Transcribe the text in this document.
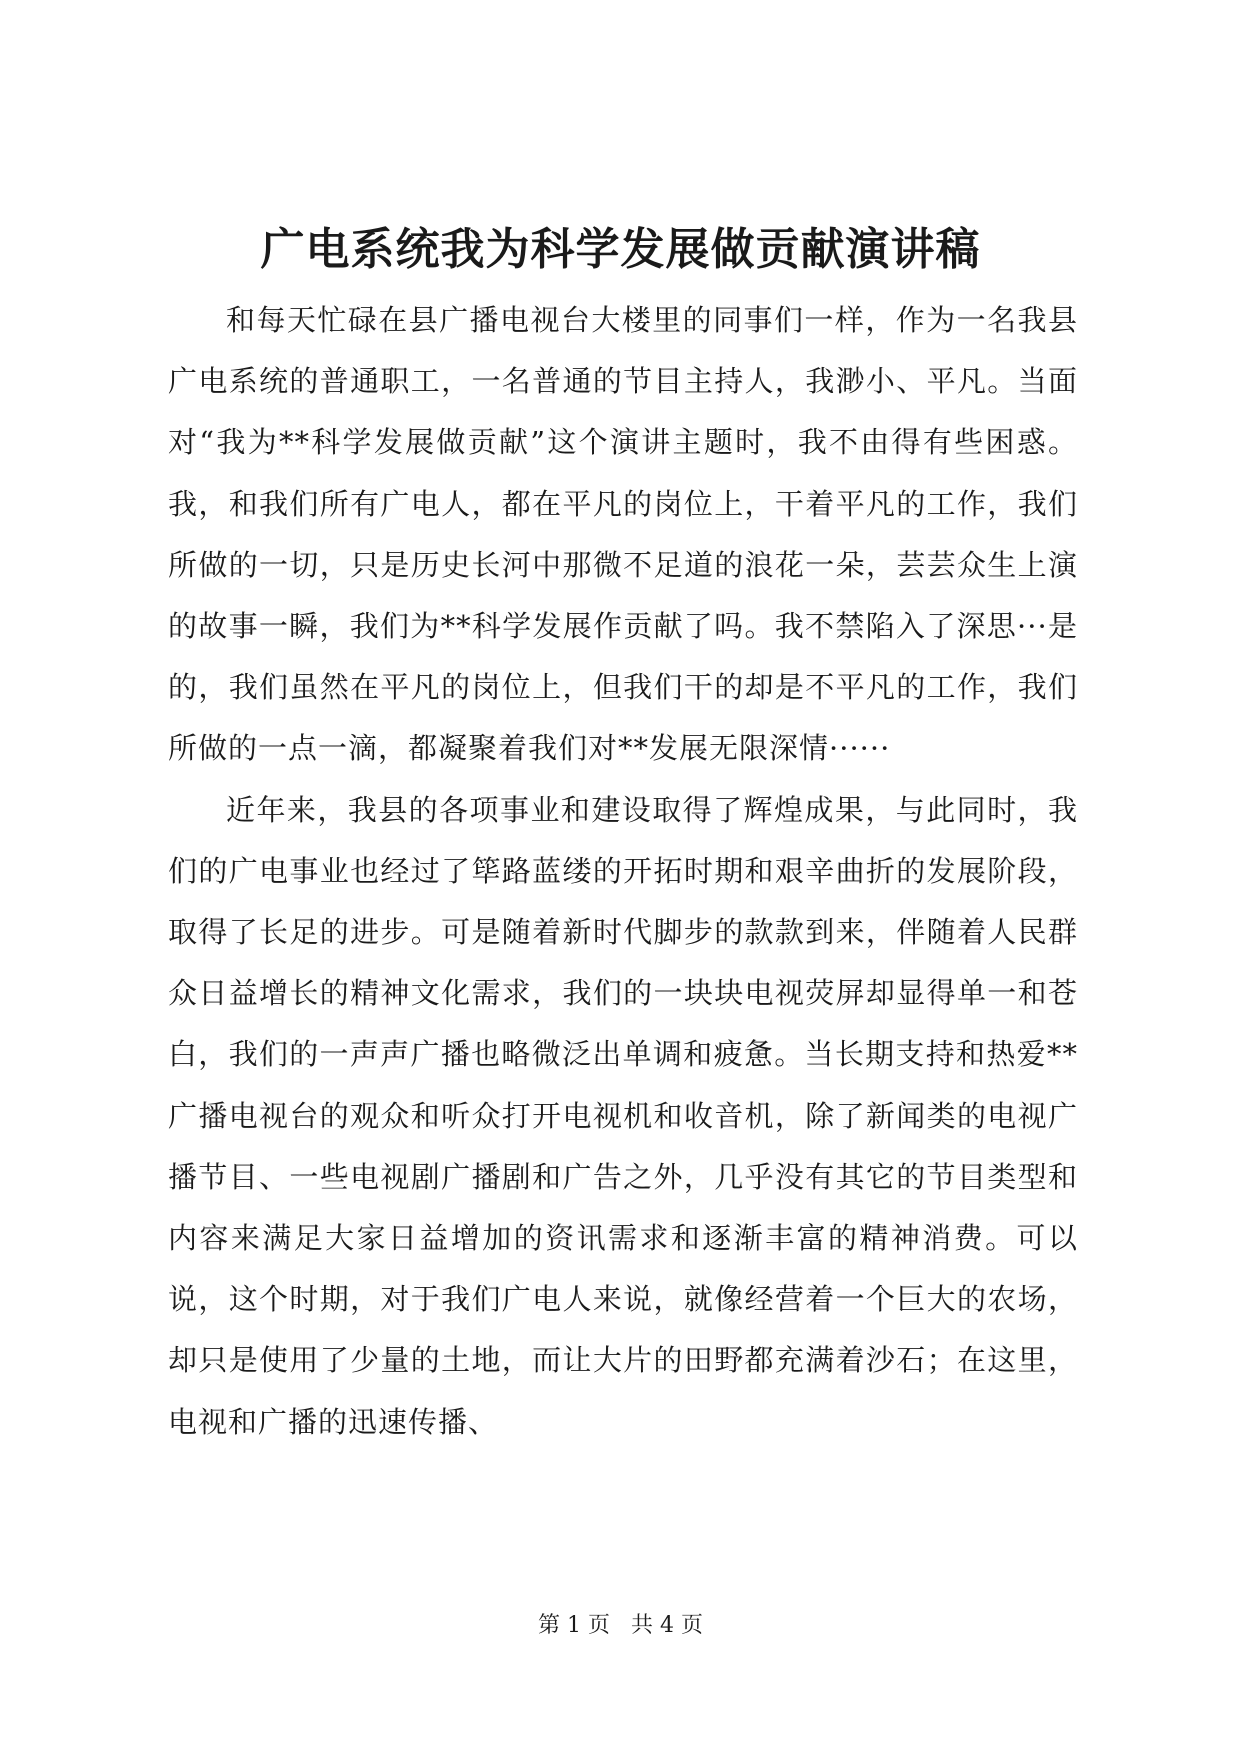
广电系统我为科学发展做贡献演讲稿

和每天忙碌在县广播电视台大楼里的同事们一样，作为一名我县广电系统的普通职工，一名普通的节目主持人，我渺小、平凡。当面对“我为**科学发展做贡献”这个演讲主题时，我不由得有些困惑。我，和我们所有广电人，都在平凡的岗位上，干着平凡的工作，我们所做的一切，只是历史长河中那微不足道的浪花一朵，芸芸众生上演的故事一瞬，我们为**科学发展作贡献了吗。我不禁陷入了深思···是的，我们虽然在平凡的岗位上，但我们干的却是不平凡的工作，我们所做的一点一滴，都凝聚着我们对**发展无限深情······

近年来，我县的各项事业和建设取得了辉煌成果，与此同时，我们的广电事业也经过了筚路蓝缕的开拓时期和艰辛曲折的发展阶段，取得了长足的进步。可是随着新时代脚步的款款到来，伴随着人民群众日益增长的精神文化需求，我们的一块块电视荧屏却显得单一和苍白，我们的一声声广播也略微泛出单调和疲惫。当长期支持和热爱**广播电视台的观众和听众打开电视机和收音机，除了新闻类的电视广播节目、一些电视剧广播剧和广告之外，几乎没有其它的节目类型和内容来满足大家日益增加的资讯需求和逐渐丰富的精神消费。可以说，这个时期，对于我们广电人来说，就像经营着一个巨大的农场，却只是使用了少量的土地，而让大片的田野都充满着沙石；在这里，电视和广播的迅速传播、

第 1 页   共 4 页
